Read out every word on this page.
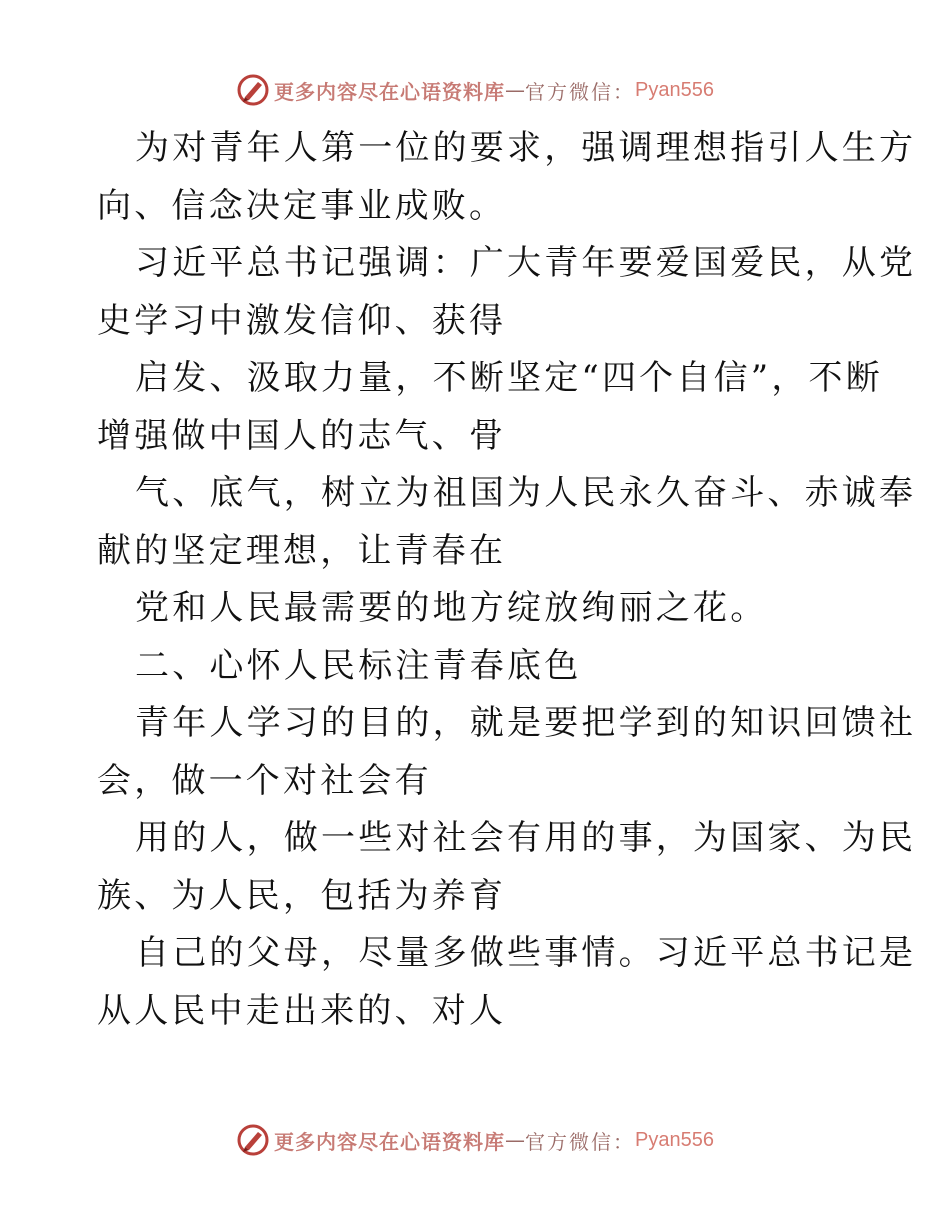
更多内容尽在心语资料库 — 官方微信： Pyan556
为对青年人第一位的要求，强调理想指引人生方
向、信念决定事业成败。
习近平总书记强调：广大青年要爱国爱民，从党
史学习中激发信仰、获得
启发、汲取力量，不断坚定“四个自信”，不断
增强做中国人的志气、骨
气、底气，树立为祖国为人民永久奋斗、赤诚奉
献的坚定理想，让青春在
党和人民最需要的地方绽放绚丽之花。
二、心怀人民标注青春底色
青年人学习的目的，就是要把学到的知识回馈社
会，做一个对社会有
用的人，做一些对社会有用的事，为国家、为民
族、为人民，包括为养育
自己的父母，尽量多做些事情。习近平总书记是
从人民中走出来的、对人
更多内容尽在心语资料库 — 官方微信： Pyan556
